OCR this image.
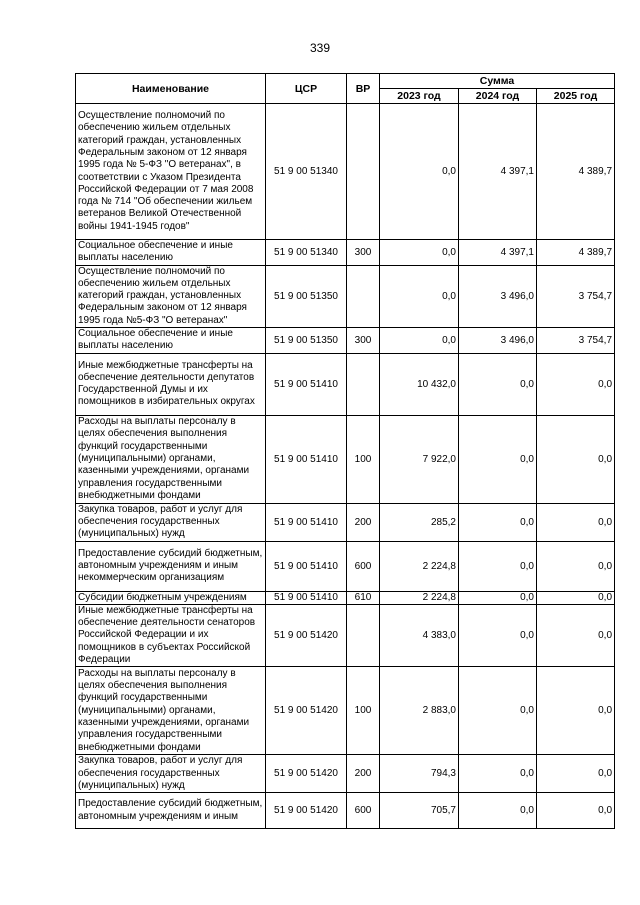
339
Наименование	ЦСР	ВР	Сумма		
			2023 год	2024 год	2025 год
Осуществление полномочий по обеспечению жильем отдельных категорий граждан, установленных Федеральным законом от 12 января 1995 года № 5-ФЗ "О ветеранах", в соответствии с Указом Президента Российской Федерации от 7 мая 2008 года № 714 "Об обеспечении жильем ветеранов Великой Отечественной войны 1941-1945 годов"	51 9 00 51340		0,0	4 397,1	4 389,7
Социальное обеспечение и иные выплаты населению	51 9 00 51340	300	0,0	4 397,1	4 389,7
Осуществление полномочий по обеспечению жильем отдельных категорий граждан, установленных Федеральным законом от 12 января 1995 года №5-ФЗ "О ветеранах"	51 9 00 51350		0,0	3 496,0	3 754,7
Социальное обеспечение и иные выплаты населению	51 9 00 51350	300	0,0	3 496,0	3 754,7
Иные межбюджетные трансферты на обеспечение деятельности депутатов Государственной Думы и их помощников в избирательных округах	51 9 00 51410		10 432,0	0,0	0,0
Расходы на выплаты персоналу в целях обеспечения выполнения функций государственными (муниципальными) органами, казенными учреждениями, органами управления государственными внебюджетными фондами	51 9 00 51410	100	7 922,0	0,0	0,0
Закупка товаров, работ и услуг для обеспечения государственных (муниципальных) нужд	51 9 00 51410	200	285,2	0,0	0,0
Предоставление субсидий бюджетным, автономным учреждениям и иным некоммерческим организациям	51 9 00 51410	600	2 224,8	0,0	0,0
Субсидии бюджетным учреждениям	51 9 00 51410	610	2 224,8	0,0	0,0
Иные межбюджетные трансферты на обеспечение деятельности сенаторов Российской Федерации и их помощников в субъектах Российской Федерации	51 9 00 51420		4 383,0	0,0	0,0
Расходы на выплаты персоналу в целях обеспечения выполнения функций государственными (муниципальными) органами, казенными учреждениями, органами управления государственными внебюджетными фондами	51 9 00 51420	100	2 883,0	0,0	0,0
Закупка товаров, работ и услуг для обеспечения государственных (муниципальных) нужд	51 9 00 51420	200	794,3	0,0	0,0
Предоставление субсидий бюджетным, автономным учреждениям и иным	51 9 00 51420	600	705,7	0,0	0,0
